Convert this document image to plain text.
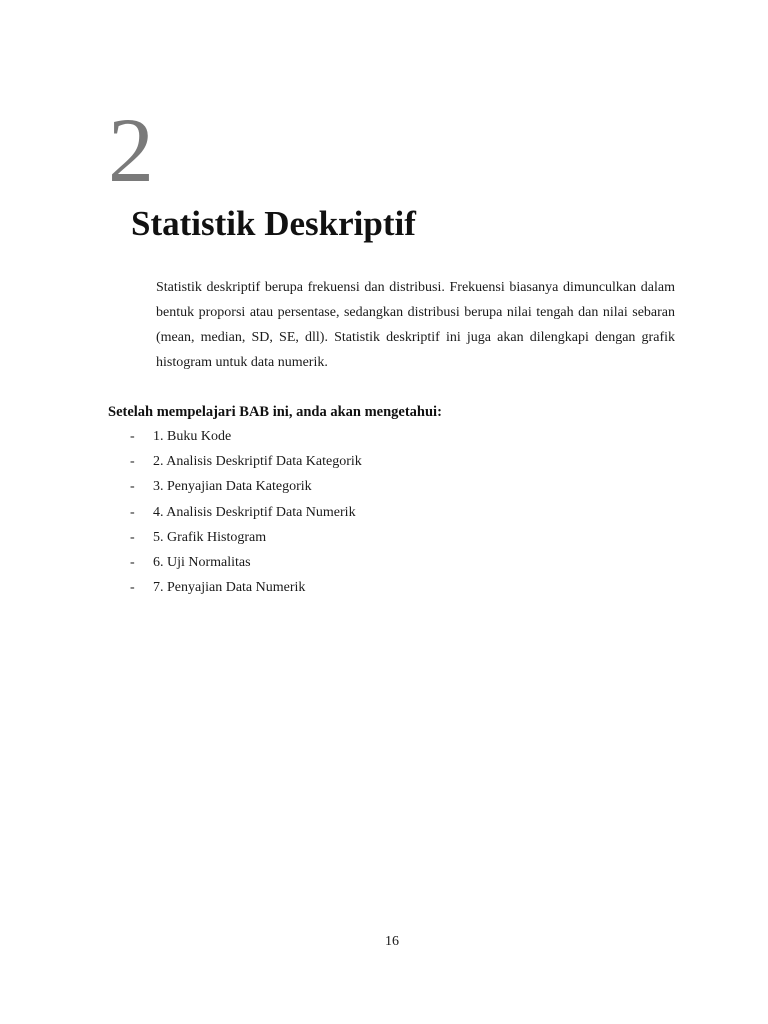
2
Statistik Deskriptif

Statistik deskriptif berupa frekuensi dan distribusi. Frekuensi biasanya dimunculkan dalam bentuk proporsi atau persentase, sedangkan distribusi berupa nilai tengah dan nilai sebaran (mean, median, SD, SE, dll). Statistik deskriptif ini juga akan dilengkapi dengan grafik histogram untuk data numerik.

Setelah mempelajari BAB ini, anda akan mengetahui:

- 1. Buku Kode
- 2. Analisis Deskriptif Data Kategorik
- 3. Penyajian Data Kategorik
- 4. Analisis Deskriptif Data Numerik
- 5. Grafik Histogram
- 6. Uji Normalitas
- 7. Penyajian Data Numerik
16
